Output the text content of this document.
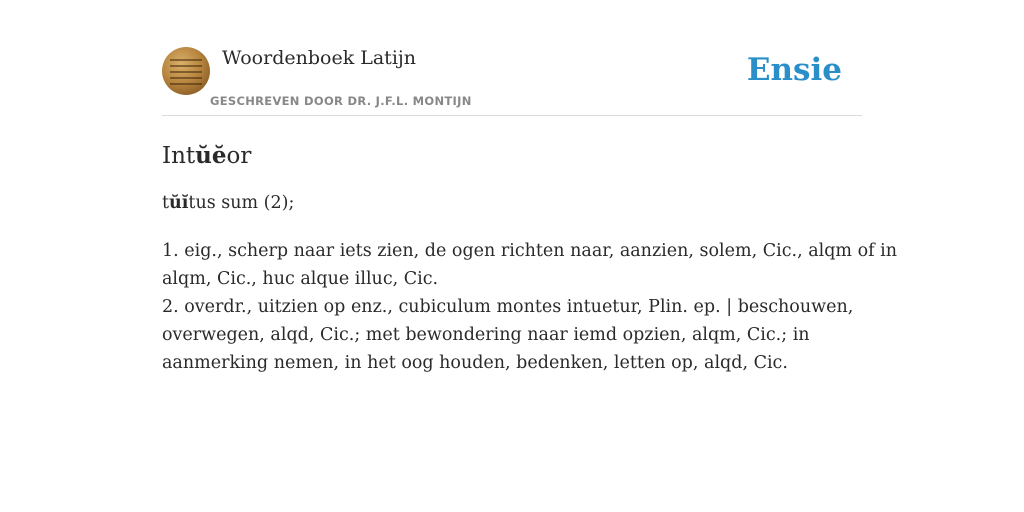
Woordenboek Latijn
GESCHREVEN DOOR DR. J.F.L. MONTIJN
Ensie
Intŭĕor
tŭĭtus sum (2);
1. eig., scherp naar iets zien, de ogen richten naar, aanzien, solem, Cic., alqm of in
alqm, Cic., huc alque illuc, Cic.
2. overdr., uitzien op enz., cubiculum montes intuetur, Plin. ep. | beschouwen,
overwegen, alqd, Cic.; met bewondering naar iemd opzien, alqm, Cic.; in
aanmerking nemen, in het oog houden, bedenken, letten op, alqd, Cic.
